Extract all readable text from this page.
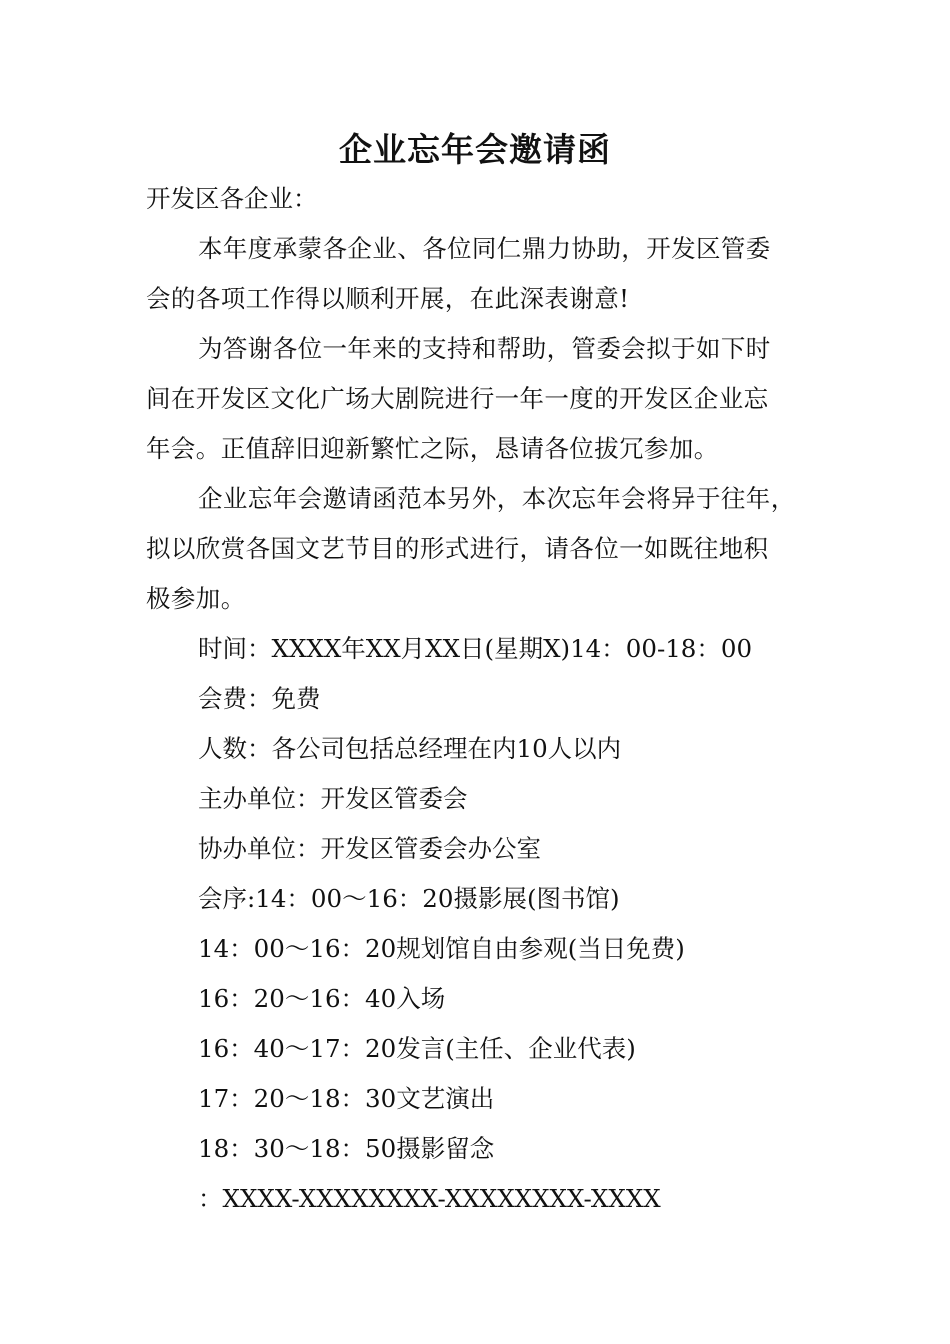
企业忘年会邀请函
开发区各企业：
本年度承蒙各企业、各位同仁鼎力协助，开发区管委
会的各项工作得以顺利开展，在此深表谢意!
为答谢各位一年来的支持和帮助，管委会拟于如下时
间在开发区文化广场大剧院进行一年一度的开发区企业忘
年会。正值辞旧迎新繁忙之际，恳请各位拔冗参加。
企业忘年会邀请函范本另外，本次忘年会将异于往年，
拟以欣赏各国文艺节目的形式进行，请各位一如既往地积
极参加。
时间：XXXX年XX月XX日(星期X)14：00-18：00
会费：免费
人数：各公司包括总经理在内10人以内
主办单位：开发区管委会
协办单位：开发区管委会办公室
会序:14：00～16：20摄影展(图书馆)
14：00～16：20规划馆自由参观(当日免费)
16：20～16：40入场
16：40～17：20发言(主任、企业代表)
17：20～18：30文艺演出
18：30～18：50摄影留念
：XXXX-XXXXXXXX-XXXXXXXX-XXXX
